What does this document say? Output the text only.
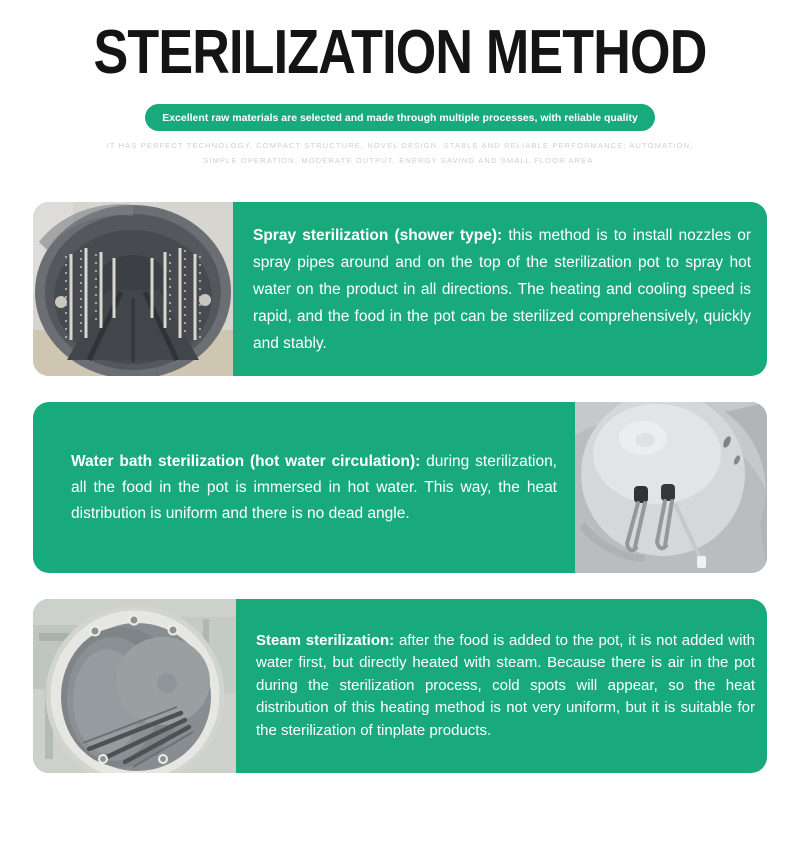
STERILIZATION METHOD
Excellent raw materials are selected and made through multiple processes, with reliable quality
IT HAS PERFECT TECHNOLOGY, COMPACT STRUCTURE, NOVEL DESIGN, STABLE AND RELIABLE PERFORMANCE; AUTOMATION,
SIMPLE OPERATION, MODERATE OUTPUT, ENERGY SAVING AND SMALL FLOOR AREA.

Spray sterilization (shower type): this method is to install nozzles or spray pipes around and on the top of the sterilization pot to spray hot water on the product in all directions. The heating and cooling speed is rapid, and the food in the pot can be sterilized comprehensively, quickly and stably.

Water bath sterilization (hot water circulation): during sterilization, all the food in the pot is immersed in hot water. This way, the heat distribution is uniform and there is no dead angle.

Steam sterilization: after the food is added to the pot, it is not added with water first, but directly heated with steam. Because there is air in the pot during the sterilization process, cold spots will appear, so the heat distribution of this heating method is not very uniform, but it is suitable for the sterilization of tinplate products.
